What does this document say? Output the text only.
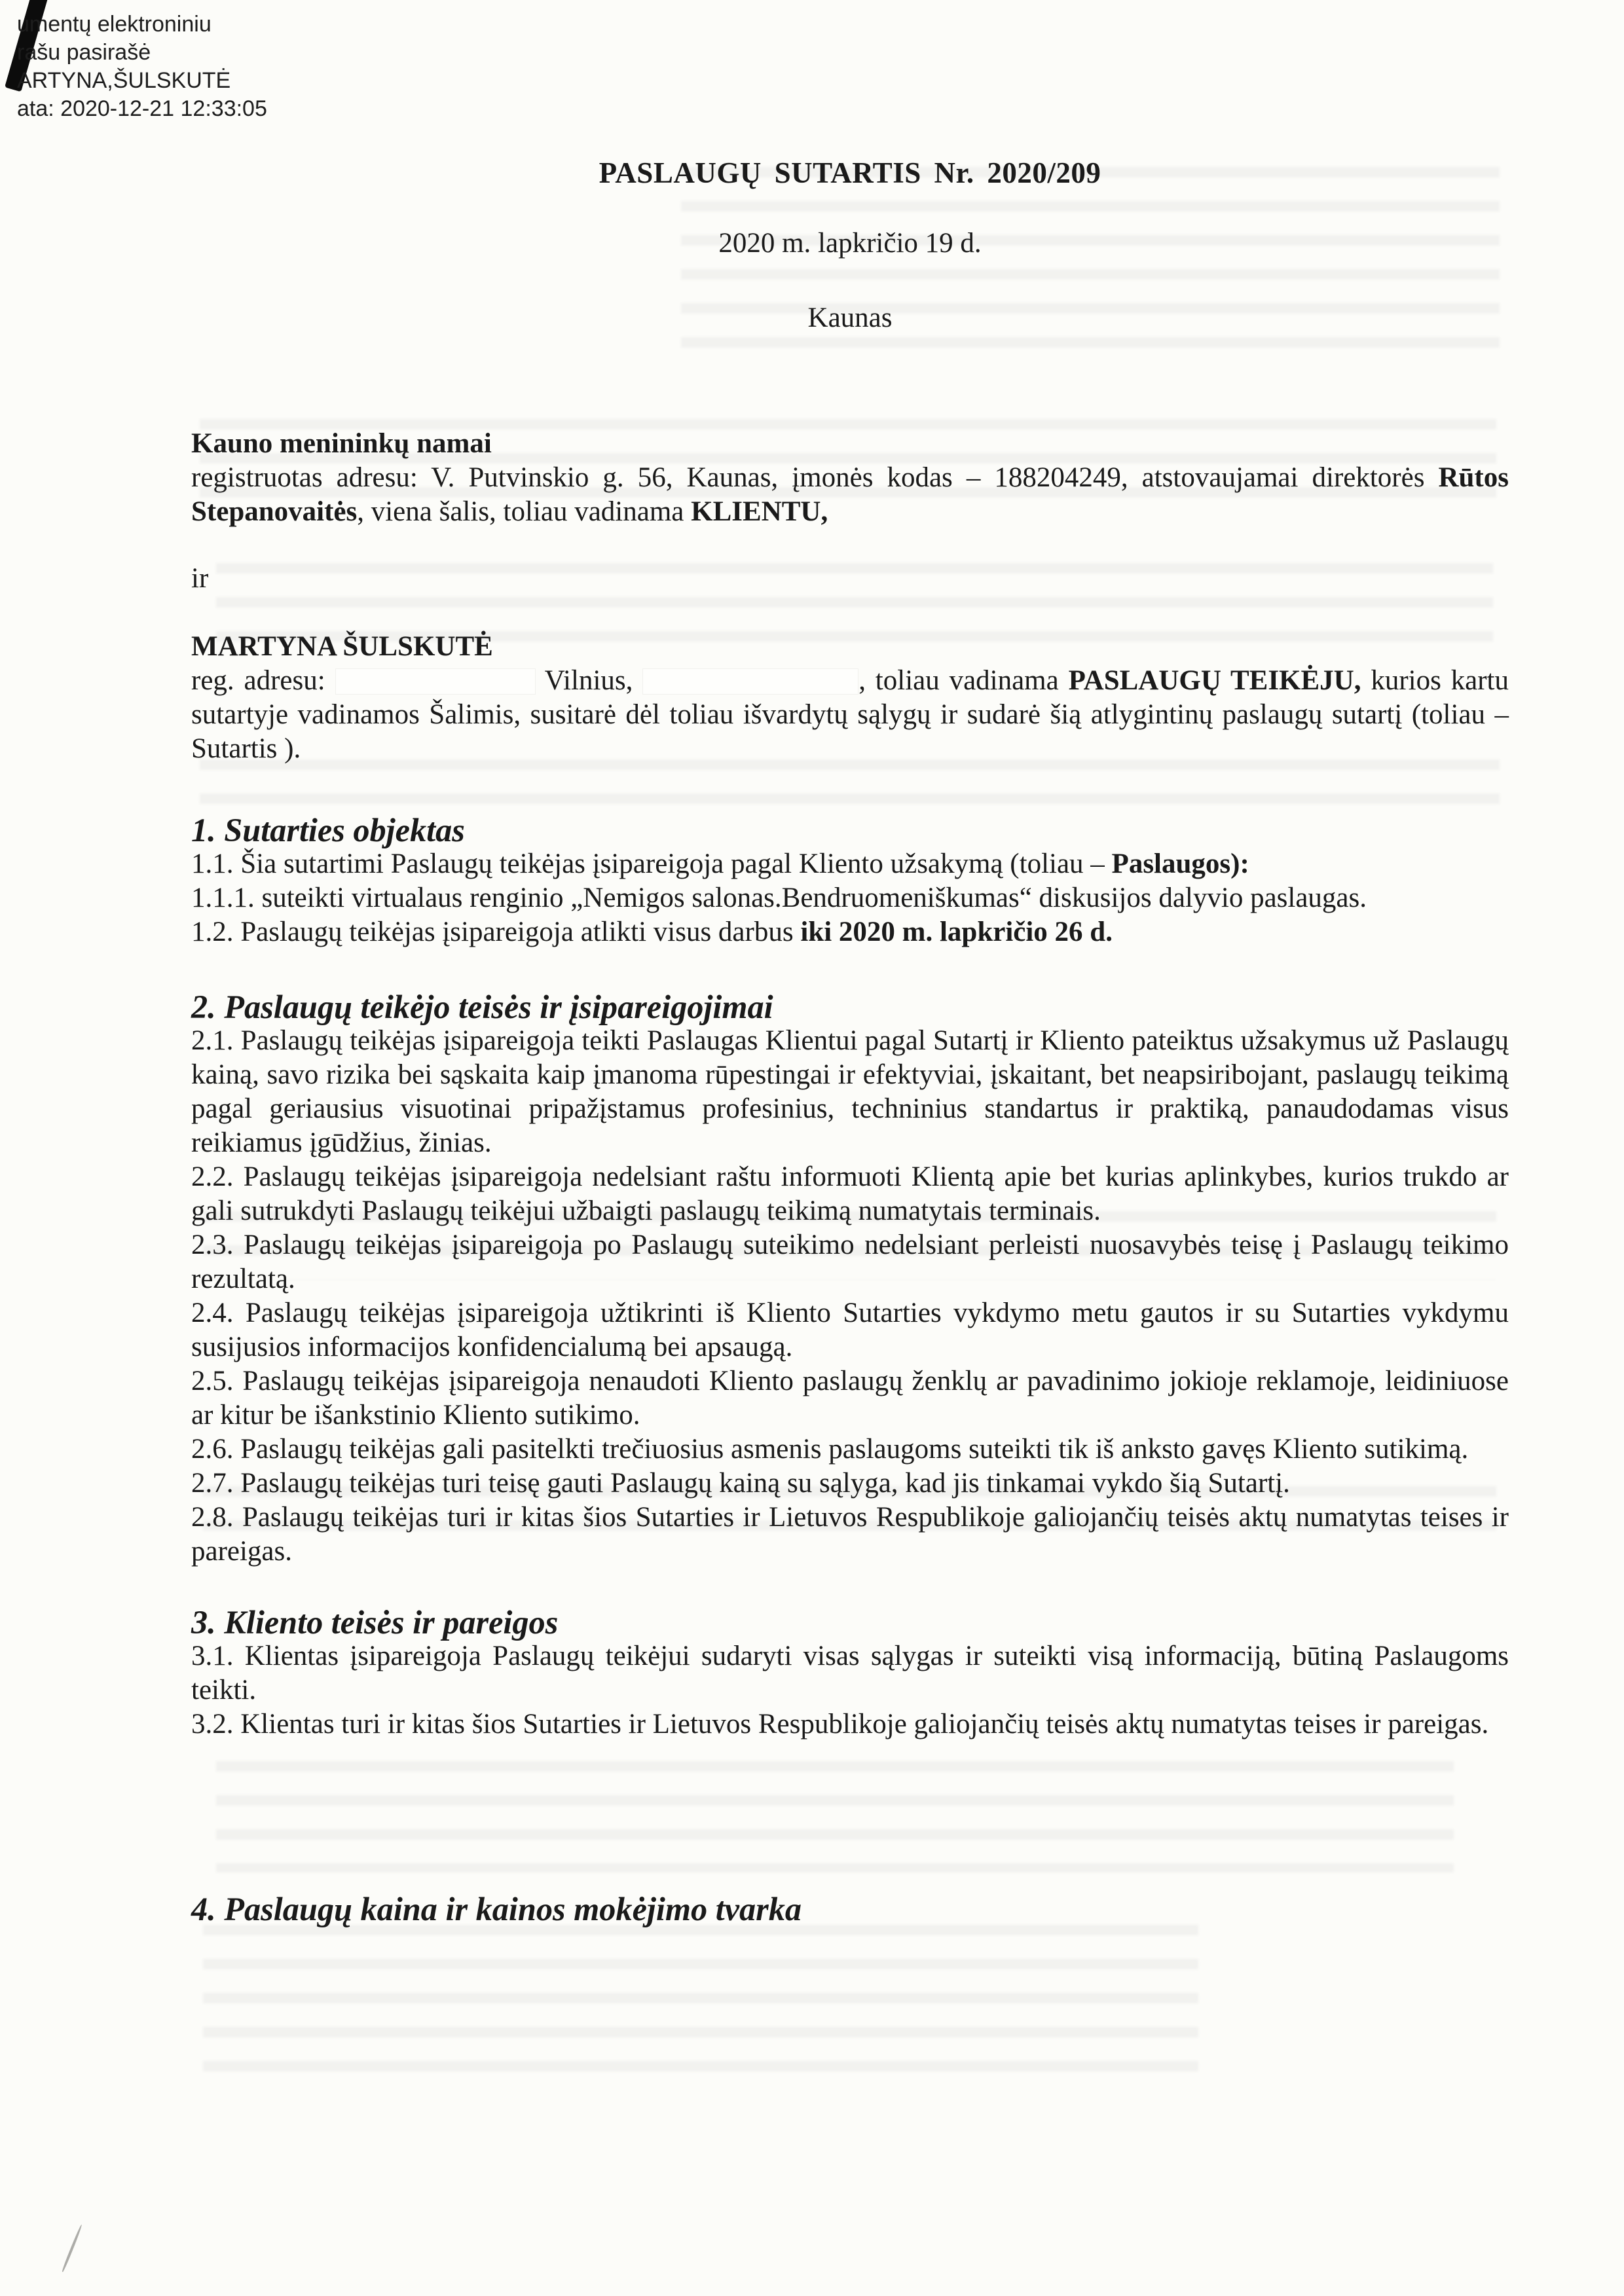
umentų elektroniniu
rašu pasirašė
ARTYNA,ŠULSKUTĖ
ata: 2020-12-21 12:33:05
PASLAUGŲ SUTARTIS Nr. 2020/209
2020 m. lapkričio 19 d.
Kaunas
Kauno menininkų namai

registruotas adresu: V. Putvinskio g. 56, Kaunas, įmonės kodas – 188204249, atstovaujamai direktorės Rūtos Stepanovaitės, viena šalis, toliau vadinama KLIENTU,

ir

MARTYNA ŠULSKUTĖ

reg. adresu:	Vilnius,	, toliau vadinama PASLAUGŲ TEIKĖJU, kurios kartu sutartyje vadinamos Šalimis, susitarė dėl toliau išvardytų sąlygų ir sudarė šią atlygintinų paslaugų sutartį (toliau – Sutartis ).

1. Sutarties objektas

1.1. Šia sutartimi Paslaugų teikėjas įsipareigoja pagal Kliento užsakymą (toliau – Paslaugos):

1.1.1. suteikti virtualaus renginio „Nemigos salonas.Bendruomeniškumas“ diskusijos dalyvio paslaugas.

1.2. Paslaugų teikėjas įsipareigoja atlikti visus darbus iki 2020 m. lapkričio 26 d.

2. Paslaugų teikėjo teisės ir įsipareigojimai

2.1. Paslaugų teikėjas įsipareigoja teikti Paslaugas Klientui pagal Sutartį ir Kliento pateiktus užsakymus už Paslaugų kainą, savo rizika bei sąskaita kaip įmanoma rūpestingai ir efektyviai, įskaitant, bet neapsiribojant, paslaugų teikimą pagal geriausius visuotinai pripažįstamus profesinius, techninius standartus ir praktiką, panaudodamas visus reikiamus įgūdžius, žinias.

2.2. Paslaugų teikėjas įsipareigoja nedelsiant raštu informuoti Klientą apie bet kurias aplinkybes, kurios trukdo ar gali sutrukdyti Paslaugų teikėjui užbaigti paslaugų teikimą numatytais terminais.

2.3. Paslaugų teikėjas įsipareigoja po Paslaugų suteikimo nedelsiant perleisti nuosavybės teisę į Paslaugų teikimo rezultatą.

2.4. Paslaugų teikėjas įsipareigoja užtikrinti iš Kliento Sutarties vykdymo metu gautos ir su Sutarties vykdymu susijusios informacijos konfidencialumą bei apsaugą.

2.5. Paslaugų teikėjas įsipareigoja nenaudoti Kliento paslaugų ženklų ar pavadinimo jokioje reklamoje, leidiniuose ar kitur be išankstinio Kliento sutikimo.

2.6. Paslaugų teikėjas gali pasitelkti trečiuosius asmenis paslaugoms suteikti tik iš anksto gavęs Kliento sutikimą.

2.7. Paslaugų teikėjas turi teisę gauti Paslaugų kainą su sąlyga, kad jis tinkamai vykdo šią Sutartį.

2.8. Paslaugų teikėjas turi ir kitas šios Sutarties ir Lietuvos Respublikoje galiojančių teisės aktų numatytas teises ir pareigas.

3. Kliento teisės ir pareigos

3.1. Klientas įsipareigoja Paslaugų teikėjui sudaryti visas sąlygas ir suteikti visą informaciją, būtiną Paslaugoms teikti.

3.2. Klientas turi ir kitas šios Sutarties ir Lietuvos Respublikoje galiojančių teisės aktų numatytas teises ir pareigas.

4. Paslaugų kaina ir kainos mokėjimo tvarka
